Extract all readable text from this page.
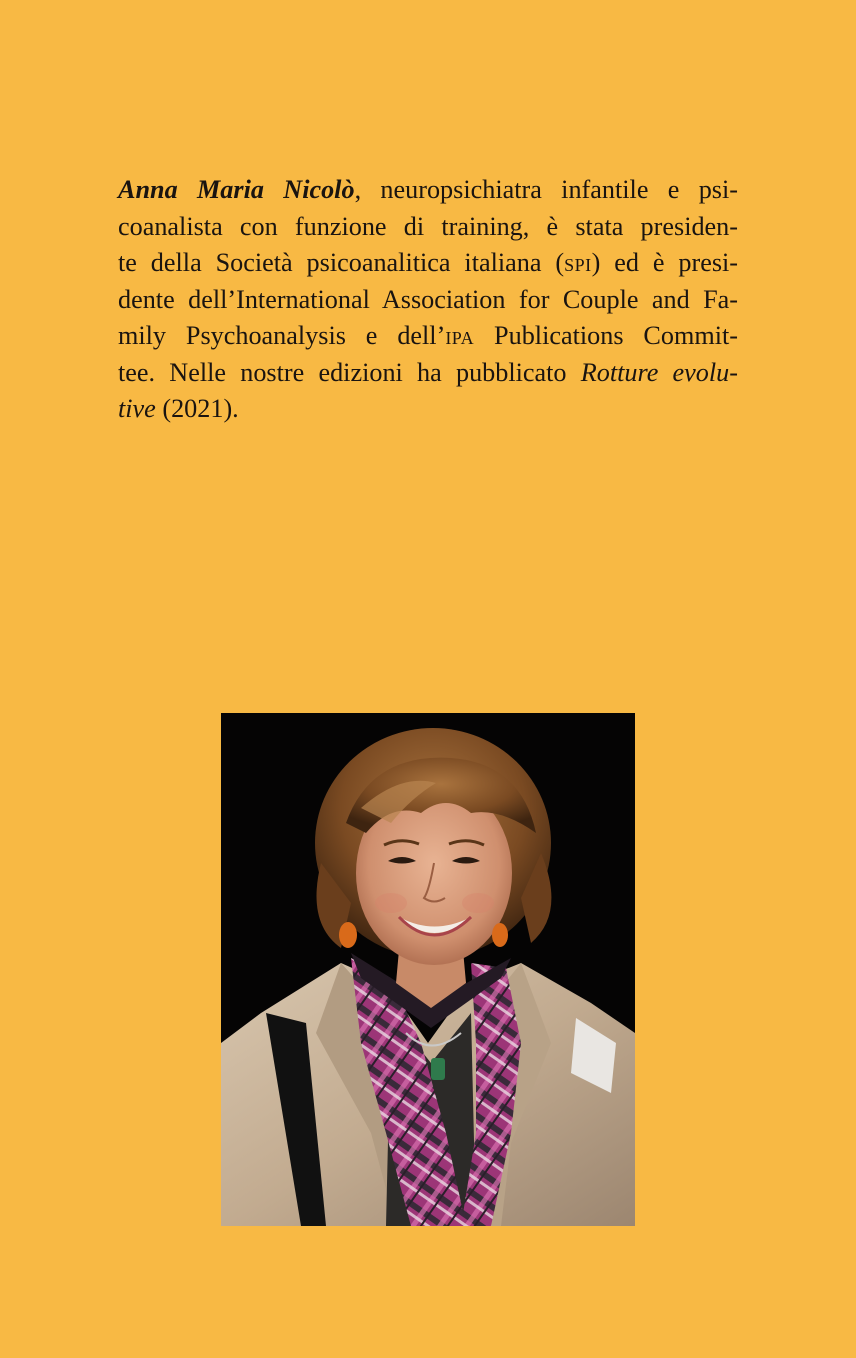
Anna Maria Nicolò, neuropsichiatra infantile e psi-
coanalista con funzione di training, è stata presiden-
te della Società psicoanalitica italiana (spi) ed è presi-
dente dell’International Association for Couple and Fa-
mily Psychoanalysis e dell’ipa Publications Commit-
tee. Nelle nostre edizioni ha pubblicato Rotture evolu-
tive (2021).
